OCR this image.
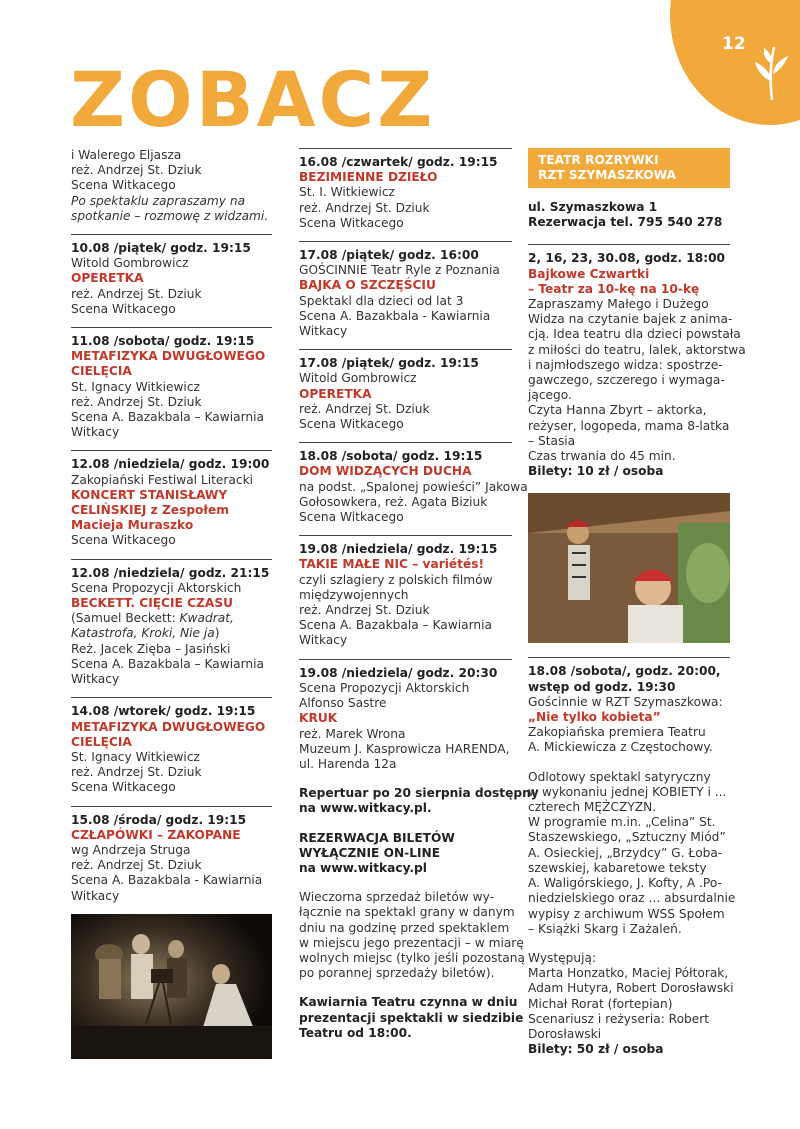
12
ZOBACZ
i Walerego Eljasza
reż. Andrzej St. Dziuk
Scena Witkacego
Po spektaklu zapraszamy na
spotkanie – rozmowę z widzami.
10.08 /piątek/ godz. 19:15
Witold Gombrowicz
OPERETKA
reż. Andrzej St. Dziuk
Scena Witkacego
11.08 /sobota/ godz. 19:15
METAFIZYKA DWUGŁOWEGO
CIELĘCIA
St. Ignacy Witkiewicz
reż. Andrzej St. Dziuk
Scena A. Bazakbala – Kawiarnia
Witkacy
12.08 /niedziela/ godz. 19:00
Zakopiański Festiwal Literacki
KONCERT STANISŁAWY
CELIŃSKIEJ z Zespołem
Macieja Muraszko
Scena Witkacego
12.08 /niedziela/ godz. 21:15
Scena Propozycji Aktorskich
BECKETT. CIĘCIE CZASU
(Samuel Beckett: Kwadrat,
Katastrofa, Kroki, Nie ja)
Reż. Jacek Zięba – Jasiński
Scena A. Bazakbala – Kawiarnia
Witkacy
14.08 /wtorek/ godz. 19:15
METAFIZYKA DWUGŁOWEGO
CIELĘCIA
St. Ignacy Witkiewicz
reż. Andrzej St. Dziuk
Scena Witkacego
15.08 /środa/ godz. 19:15
CZŁAPÓWKI – ZAKOPANE
wg Andrzeja Struga
reż. Andrzej St. Dziuk
Scena A. Bazakbala - Kawiarnia
Witkacy
16.08 /czwartek/ godz. 19:15
BEZIMIENNE DZIEŁO
St. I. Witkiewicz
reż. Andrzej St. Dziuk
Scena Witkacego
17.08 /piątek/ godz. 16:00
GOŚCINNIE Teatr Ryle z Poznania
BAJKA O SZCZĘŚCIU
Spektakl dla dzieci od lat 3
Scena A. Bazakbala - Kawiarnia
Witkacy
17.08 /piątek/ godz. 19:15
Witold Gombrowicz
OPERETKA
reż. Andrzej St. Dziuk
Scena Witkacego
18.08 /sobota/ godz. 19:15
DOM WIDZĄCYCH DUCHA
na podst. „Spalonej powieści” Jakowa
Gołosowkera, reż. Agata Biziuk
Scena Witkacego
19.08 /niedziela/ godz. 19:15
TAKIE MAŁE NIC – variétés!
czyli szlagiery z polskich filmów
międzywojennych
reż. Andrzej St. Dziuk
Scena A. Bazakbala – Kawiarnia
Witkacy
19.08 /niedziela/ godz. 20:30
Scena Propozycji Aktorskich
Alfonso Sastre
KRUK
reż. Marek Wrona
Muzeum J. Kasprowicza HARENDA,
ul. Harenda 12a
Repertuar po 20 sierpnia dostępny
na www.witkacy.pl.
REZERWACJA BILETÓW
WYŁĄCZNIE ON-LINE
na www.witkacy.pl
Wieczorna sprzedaż biletów wy-
łącznie na spektakl grany w danym
dniu na godzinę przed spektaklem
w miejscu jego prezentacji – w miarę
wolnych miejsc (tylko jeśli pozostaną
po porannej sprzedaży biletów).
Kawiarnia Teatru czynna w dniu
prezentacji spektakli w siedzibie
Teatru od 18:00.
TEATR ROZRYWKI
RZT SZYMASZKOWA
ul. Szymaszkowa 1
Rezerwacja tel. 795 540 278
2, 16, 23, 30.08, godz. 18:00
Bajkowe Czwartki
– Teatr za 10-kę na 10-kę
Zapraszamy Małego i Dużego
Widza na czytanie bajek z anima-
cją. Idea teatru dla dzieci powstała
z miłości do teatru, lalek, aktorstwa
i najmłodszego widza: spostrze-
gawczego, szczerego i wymaga-
jącego.
Czyta Hanna Zbyrt – aktorka,
reżyser, logopeda, mama 8-latka
– Stasia
Czas trwania do 45 min.
Bilety: 10 zł / osoba
18.08 /sobota/, godz. 20:00,
wstęp od godz. 19:30
Gościnnie w RZT Szymaszkowa:
„Nie tylko kobieta”
Zakopiańska premiera Teatru
A. Mickiewicza z Częstochowy.
Odlotowy spektakl satyryczny
w wykonaniu jednej KOBIETY i ...
czterech MĘŻCZYZN.
W programie m.in. „Celina” St.
Staszewskiego, „Sztuczny Miód”
A. Osieckiej, „Brzydcy” G. Łoba-
szewskiej, kabaretowe teksty
A. Waligórskiego, J. Kofty, A .Po-
niedzielskiego oraz ... absurdalnie
wypisy z archiwum WSS Społem
– Książki Skarg i Zażaleń.
Występują:
Marta Honzatko, Maciej Półtorak,
Adam Hutyra, Robert Dorosławski
Michał Rorat (fortepian)
Scenariusz i reżyseria: Robert
Dorosławski
Bilety: 50 zł / osoba
